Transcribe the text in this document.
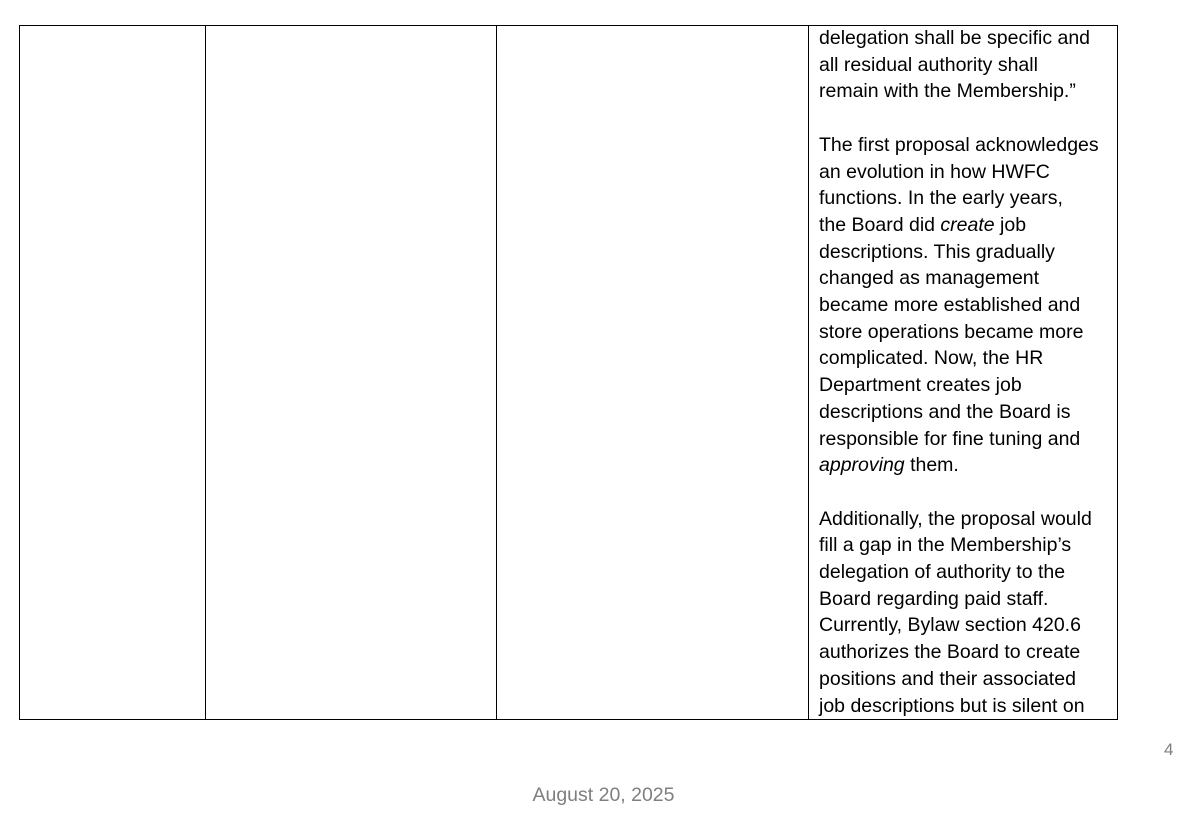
delegation shall be specific and
all residual authority shall
remain with the Membership.”
The first proposal acknowledges
an evolution in how HWFC
functions. In the early years,
the Board did create job
descriptions. This gradually
changed as management
became more established and
store operations became more
complicated. Now, the HR
Department creates job
descriptions and the Board is
responsible for fine tuning and
approving them.
Additionally, the proposal would
fill a gap in the Membership’s
delegation of authority to the
Board regarding paid staff.
Currently, Bylaw section 420.6
authorizes the Board to create
positions and their associated
job descriptions but is silent on
4
August 20, 2025
